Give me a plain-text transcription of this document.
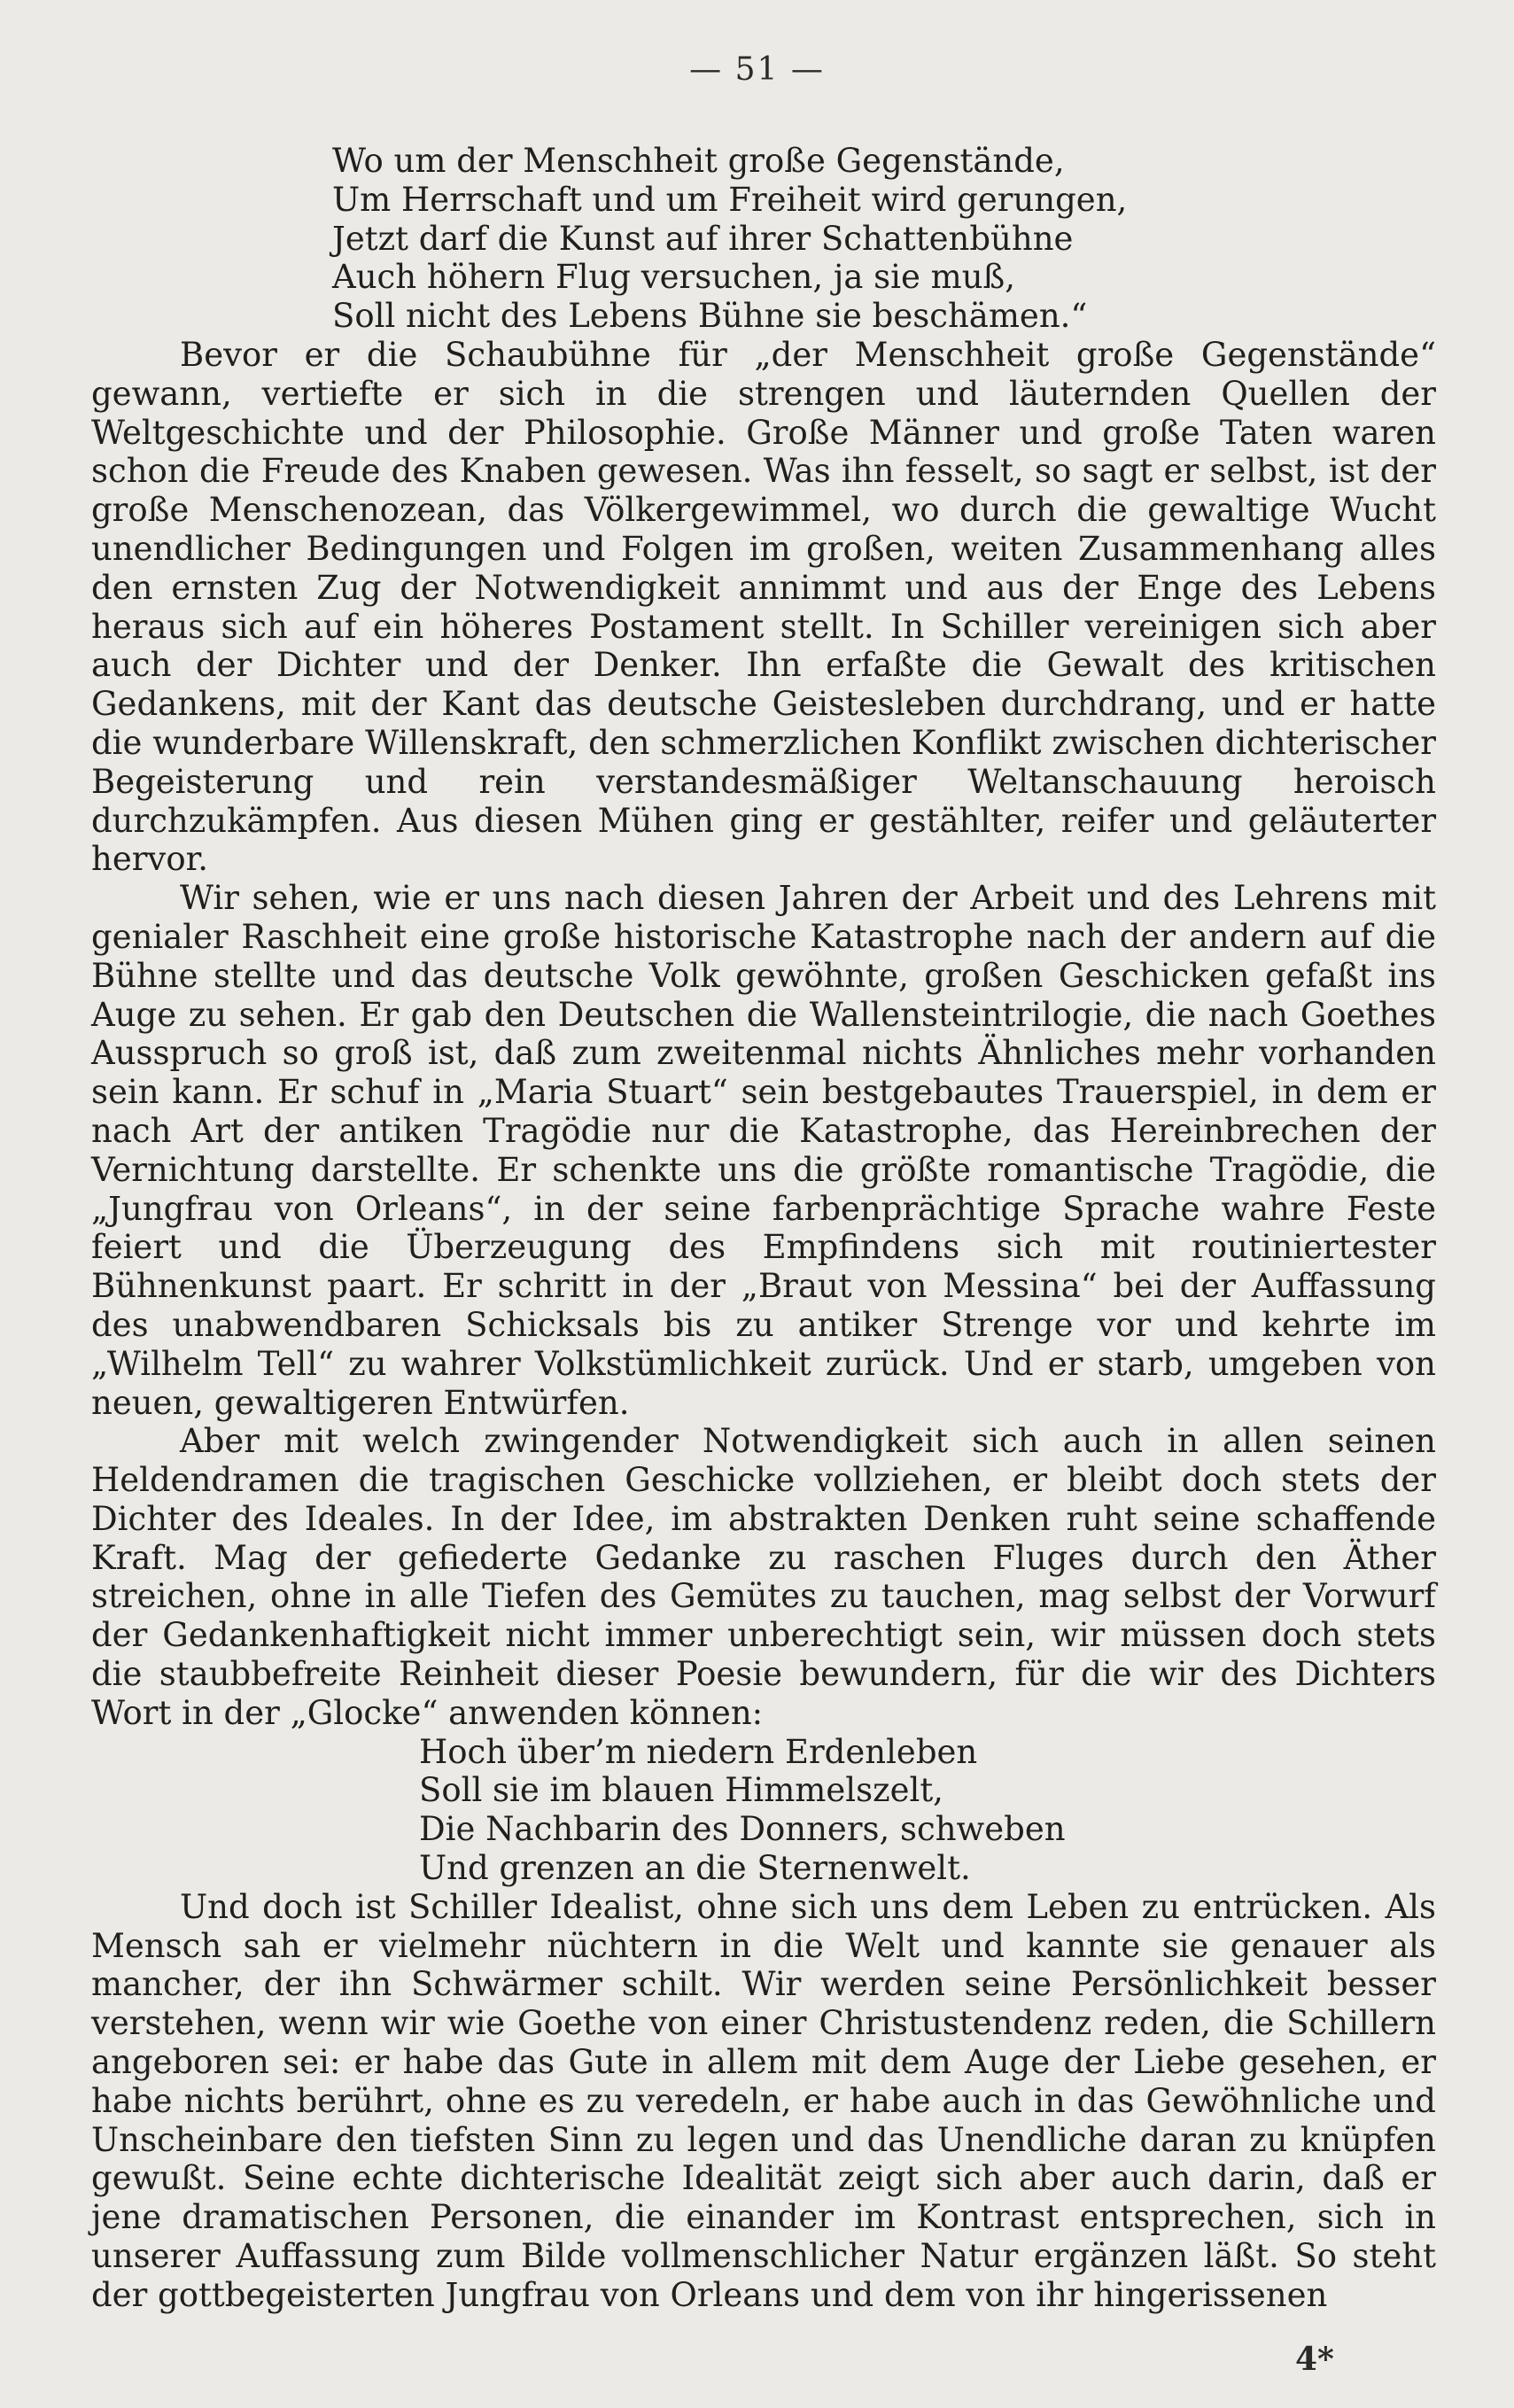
— 51 —
Wo um der Menschheit große Gegenstände,
Um Herrschaft und um Freiheit wird gerungen,
Jetzt darf die Kunst auf ihrer Schattenbühne
Auch höhern Flug versuchen, ja sie muß,
Soll nicht des Lebens Bühne sie beschämen.“

Bevor er die Schaubühne für „der Menschheit große Gegenstände“ gewann, vertiefte er sich in die strengen und läuternden Quellen der Weltgeschichte und der Philosophie. Große Männer und große Taten waren schon die Freude des Knaben gewesen. Was ihn fesselt, so sagt er selbst, ist der große Menschenozean, das Völkergewimmel, wo durch die gewaltige Wucht unendlicher Bedingungen und Folgen im großen, weiten Zusammenhang alles den ernsten Zug der Notwendigkeit annimmt und aus der Enge des Lebens heraus sich auf ein höheres Postament stellt. In Schiller vereinigen sich aber auch der Dichter und der Denker. Ihn erfaßte die Gewalt des kritischen Gedankens, mit der Kant das deutsche Geistesleben durchdrang, und er hatte die wunderbare Willenskraft, den schmerzlichen Konflikt zwischen dichterischer Begeisterung und rein verstandesmäßiger Weltanschauung heroisch durchzukämpfen. Aus diesen Mühen ging er gestählter, reifer und geläuterter hervor.

Wir sehen, wie er uns nach diesen Jahren der Arbeit und des Lehrens mit genialer Raschheit eine große historische Katastrophe nach der andern auf die Bühne stellte und das deutsche Volk gewöhnte, großen Geschicken gefaßt ins Auge zu sehen. Er gab den Deutschen die Wallensteintrilogie, die nach Goethes Ausspruch so groß ist, daß zum zweitenmal nichts Ähnliches mehr vorhanden sein kann. Er schuf in „Maria Stuart“ sein bestgebautes Trauerspiel, in dem er nach Art der antiken Tragödie nur die Katastrophe, das Hereinbrechen der Vernichtung darstellte. Er schenkte uns die größte romantische Tragödie, die „Jungfrau von Orleans“, in der seine farbenprächtige Sprache wahre Feste feiert und die Überzeugung des Empfindens sich mit routiniertester Bühnenkunst paart. Er schritt in der „Braut von Messina“ bei der Auffassung des unabwendbaren Schicksals bis zu antiker Strenge vor und kehrte im „Wilhelm Tell“ zu wahrer Volkstümlichkeit zurück. Und er starb, umgeben von neuen, gewaltigeren Entwürfen.

Aber mit welch zwingender Notwendigkeit sich auch in allen seinen Heldendramen die tragischen Geschicke vollziehen, er bleibt doch stets der Dichter des Ideales. In der Idee, im abstrakten Denken ruht seine schaffende Kraft. Mag der gefiederte Gedanke zu raschen Fluges durch den Äther streichen, ohne in alle Tiefen des Gemütes zu tauchen, mag selbst der Vorwurf der Gedankenhaftigkeit nicht immer unberechtigt sein, wir müssen doch stets die staubbefreite Reinheit dieser Poesie bewundern, für die wir des Dichters Wort in der „Glocke“ anwenden können:

Hoch über’m niedern Erdenleben
Soll sie im blauen Himmelszelt,
Die Nachbarin des Donners, schweben
Und grenzen an die Sternenwelt.

Und doch ist Schiller Idealist, ohne sich uns dem Leben zu entrücken. Als Mensch sah er vielmehr nüchtern in die Welt und kannte sie genauer als mancher, der ihn Schwärmer schilt. Wir werden seine Persönlichkeit besser verstehen, wenn wir wie Goethe von einer Christustendenz reden, die Schillern angeboren sei: er habe das Gute in allem mit dem Auge der Liebe gesehen, er habe nichts berührt, ohne es zu veredeln, er habe auch in das Gewöhnliche und Unscheinbare den tiefsten Sinn zu legen und das Unendliche daran zu knüpfen gewußt. Seine echte dichterische Idealität zeigt sich aber auch darin, daß er jene dramatischen Personen, die einander im Kontrast entsprechen, sich in unserer Auffassung zum Bilde vollmenschlicher Natur ergänzen läßt. So steht der gottbegeisterten Jungfrau von Orleans und dem von ihr hingerissenen

4*
